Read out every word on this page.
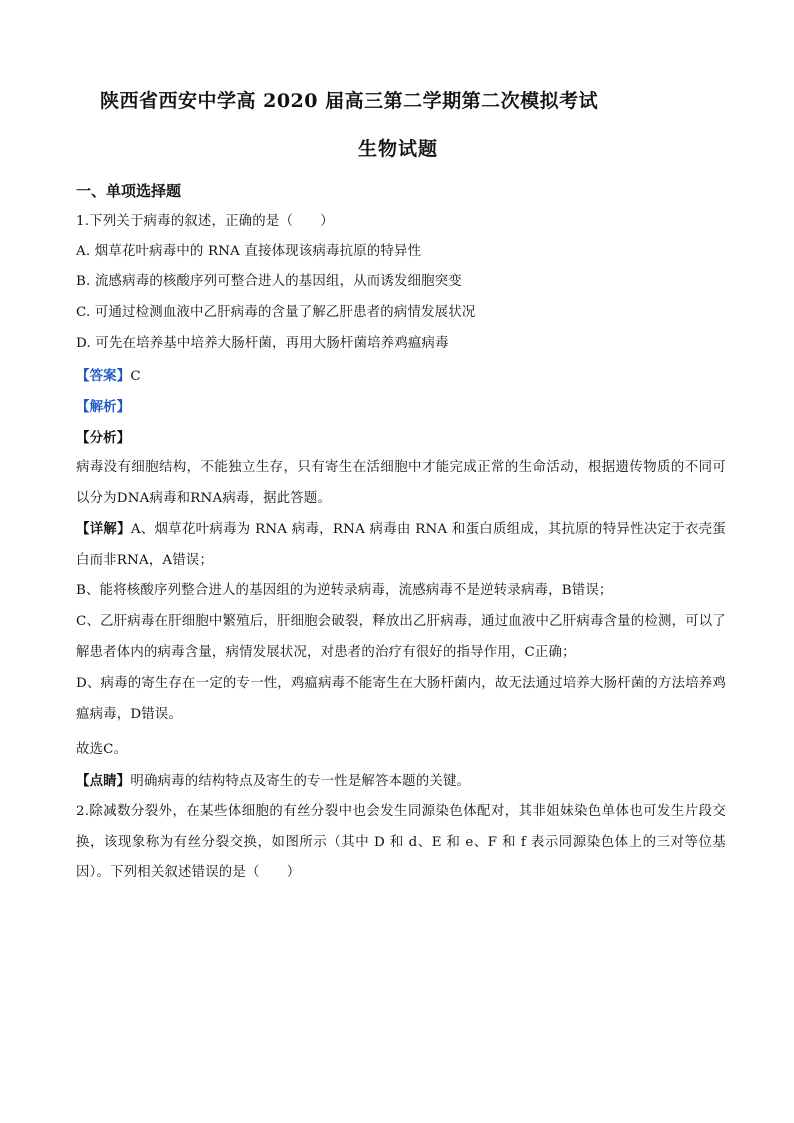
陕西省西安中学高 2020 届高三第二学期第二次模拟考试
生物试题
一、单项选择题
1.下列关于病毒的叙述，正确的是（　　）
A. 烟草花叶病毒中的 RNA 直接体现该病毒抗原的特异性
B. 流感病毒的核酸序列可整合进人的基因组，从而诱发细胞突变
C. 可通过检测血液中乙肝病毒的含量了解乙肝患者的病情发展状况
D. 可先在培养基中培养大肠杆菌，再用大肠杆菌培养鸡瘟病毒
【答案】C
【解析】
【分析】
病毒没有细胞结构，不能独立生存，只有寄生在活细胞中才能完成正常的生命活动，根据遗传物质的不同可以分为DNA病毒和RNA病毒，据此答题。
【详解】A、烟草花叶病毒为 RNA 病毒，RNA 病毒由 RNA 和蛋白质组成，其抗原的特异性决定于衣壳蛋白而非RNA，A错误；
B、能将核酸序列整合进人的基因组的为逆转录病毒，流感病毒不是逆转录病毒，B错误；
C、乙肝病毒在肝细胞中繁殖后，肝细胞会破裂，释放出乙肝病毒，通过血液中乙肝病毒含量的检测，可以了解患者体内的病毒含量，病情发展状况，对患者的治疗有很好的指导作用，C正确；
D、病毒的寄生存在一定的专一性，鸡瘟病毒不能寄生在大肠杆菌内，故无法通过培养大肠杆菌的方法培养鸡瘟病毒，D错误。
故选C。
【点睛】明确病毒的结构特点及寄生的专一性是解答本题的关键。
2.除减数分裂外，在某些体细胞的有丝分裂中也会发生同源染色体配对，其非姐妹染色单体也可发生片段交换，该现象称为有丝分裂交换，如图所示（其中 D 和 d、E 和 e、F 和 f 表示同源染色体上的三对等位基因）。下列相关叙述错误的是（　　）
